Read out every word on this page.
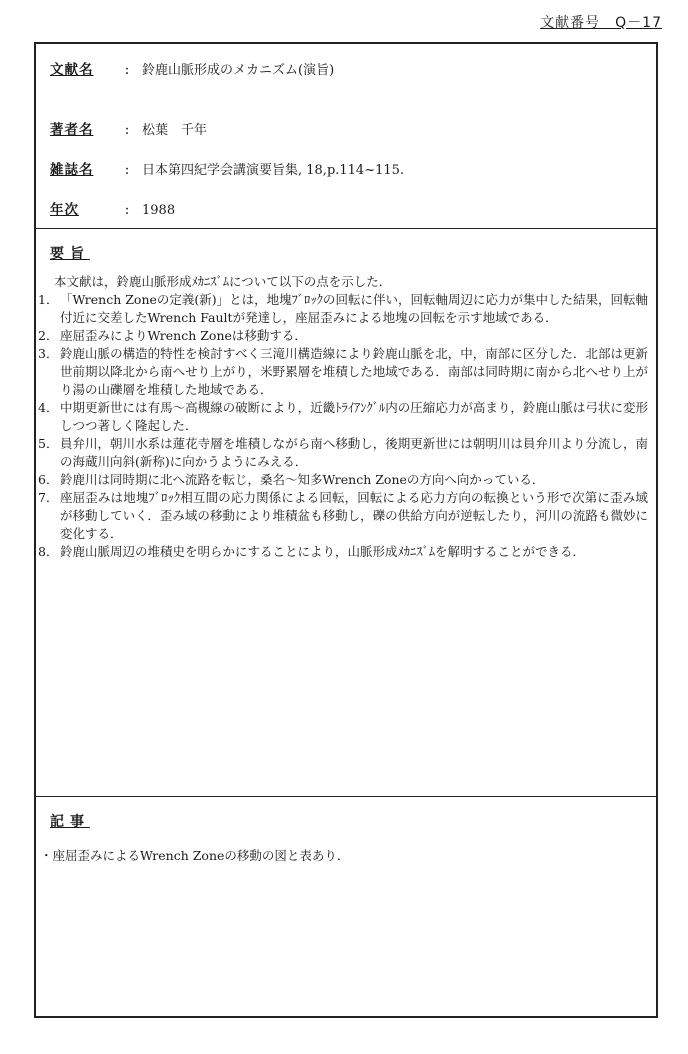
文献番号　Q－17
文献名 : 鈴鹿山脈形成のメカニズム(演旨)
著者名 : 松葉　千年
雑誌名 : 日本第四紀学会講演要旨集, 18,p.114~115.
年次	: 1988
要旨
本文献は，鈴鹿山脈形成ﾒｶﾆｽﾞﾑについて以下の点を示した．
1． 「Wrench Zoneの定義(新)」とは，地塊ﾌﾞﾛｯｸの回転に伴い，回転軸周辺に応力が集中した結果，回転軸付近に交差したWrench Faultが発達し，座屈歪みによる地塊の回転を示す地域である．
2． 座屈歪みによりWrench Zoneは移動する．
3． 鈴鹿山脈の構造的特性を検討すべく三滝川構造線により鈴鹿山脈を北，中，南部に区分した．北部は更新世前期以降北から南へせり上がり，米野累層を堆積した地域である．南部は同時期に南から北へせり上がり湯の山礫層を堆積した地域である．
4． 中期更新世には有馬～高槻線の破断により，近畿ﾄﾗｲｱﾝｸﾞﾙ内の圧縮応力が高まり，鈴鹿山脈は弓状に変形しつつ著しく隆起した．
5． 員弁川，朝川水系は蓮花寺層を堆積しながら南へ移動し，後期更新世には朝明川は員弁川より分流し，南の海蔵川向斜(新称)に向かうようにみえる．
6． 鈴鹿川は同時期に北へ流路を転じ，桑名～知多Wrench Zoneの方向へ向かっている．
7． 座屈歪みは地塊ﾌﾞﾛｯｸ相互間の応力関係による回転，回転による応力方向の転換という形で次第に歪み域が移動していく．歪み域の移動により堆積盆も移動し，礫の供給方向が逆転したり，河川の流路も微妙に変化する．
8． 鈴鹿山脈周辺の堆積史を明らかにすることにより，山脈形成ﾒｶﾆｽﾞﾑを解明することができる．
記事
・座屈歪みによるWrench Zoneの移動の図と表あり．
